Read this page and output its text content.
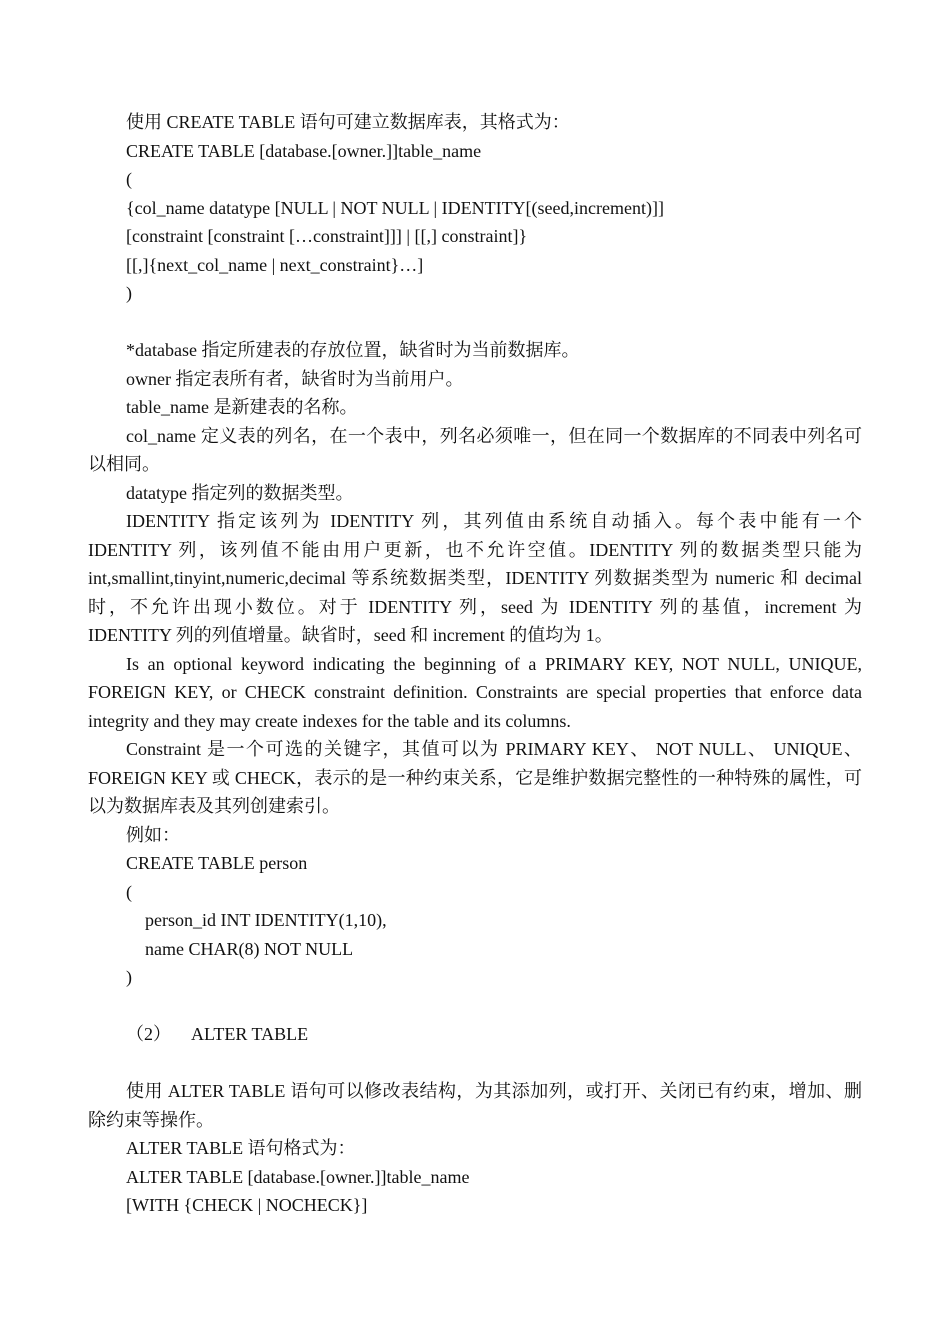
使用 CREATE TABLE 语句可建立数据库表，其格式为：
CREATE TABLE [database.[owner.]]table_name
(
{col_name datatype [NULL | NOT NULL | IDENTITY[(seed,increment)]]
[constraint [constraint […constraint]]] | [[,] constraint]}
[[,]{next_col_name | next_constraint}…]
)
*database 指定所建表的存放位置，缺省时为当前数据库。
owner 指定表所有者，缺省时为当前用户。
table_name 是新建表的名称。
col_name 定义表的列名，在一个表中，列名必须唯一，但在同一个数据库的不同表中列名可以相同。
datatype 指定列的数据类型。
IDENTITY 指定该列为 IDENTITY 列，其列值由系统自动插入。每个表中能有一个 IDENTITY 列，该列值不能由用户更新，也不允许空值。IDENTITY 列的数据类型只能为 int,smallint,tinyint,numeric,decimal 等系统数据类型，IDENTITY 列数据类型为 numeric 和 decimal 时，不允许出现小数位。对于 IDENTITY 列，seed 为 IDENTITY 列的基值，increment 为 IDENTITY 列的列值增量。缺省时，seed 和 increment 的值均为 1。
Is an optional keyword indicating the beginning of a PRIMARY KEY, NOT NULL, UNIQUE, FOREIGN KEY, or CHECK constraint definition. Constraints are special properties that enforce data integrity and they may create indexes for the table and its columns.
Constraint 是一个可选的关键字，其值可以为 PRIMARY KEY、 NOT NULL、 UNIQUE、FOREIGN KEY 或 CHECK，表示的是一种约束关系，它是维护数据完整性的一种特殊的属性，可以为数据库表及其列创建索引。
例如：
CREATE TABLE person
(
person_id INT IDENTITY(1,10),
name CHAR(8) NOT NULL
)
（2） ALTER TABLE
使用 ALTER TABLE 语句可以修改表结构，为其添加列，或打开、关闭已有约束，增加、删除约束等操作。
ALTER TABLE 语句格式为：
ALTER TABLE [database.[owner.]]table_name
[WITH {CHECK | NOCHECK}]
